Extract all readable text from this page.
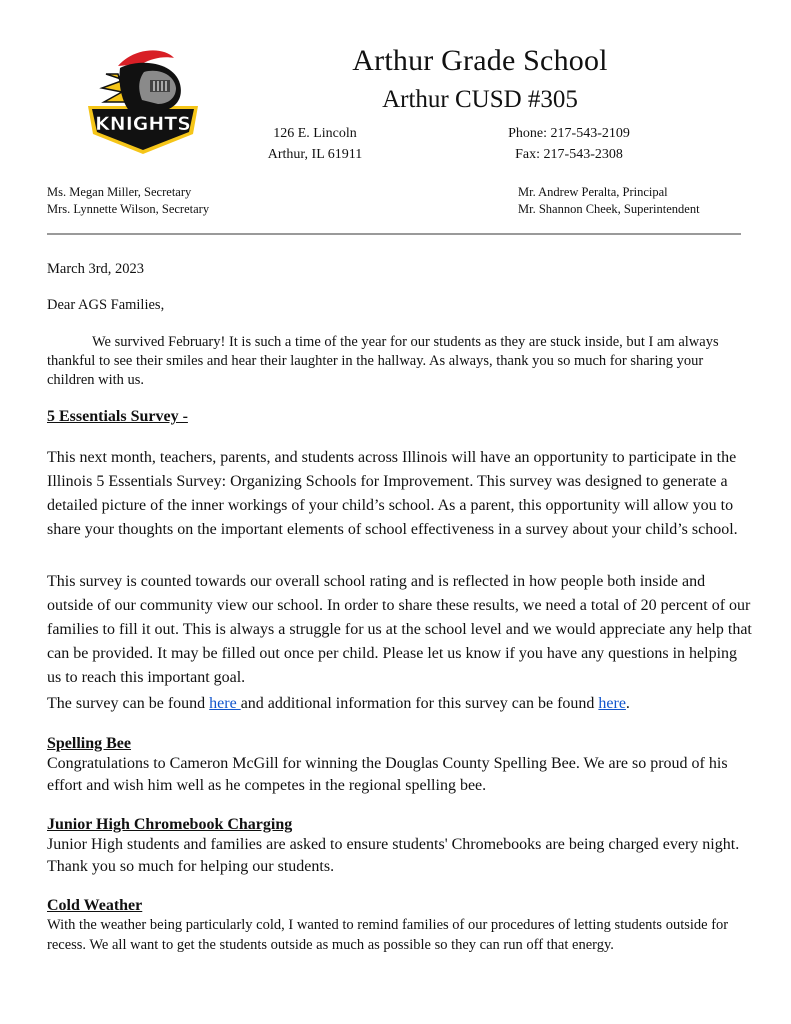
KNIGHTS
Arthur Grade School
Arthur CUSD #305
126 E. Lincoln
Arthur, IL 61911
Phone: 217-543-2109
Fax: 217-543-2308
Ms. Megan Miller, Secretary
Mrs. Lynnette Wilson, Secretary
Mr. Andrew Peralta, Principal
Mr. Shannon Cheek, Superintendent
March 3rd, 2023
Dear AGS Families,

We survived February! It is such a time of the year for our students as they are stuck inside, but I am always thankful to see their smiles and hear their laughter in the hallway. As always, thank you so much for sharing your children with us.

5 Essentials Survey -

This next month, teachers, parents, and students across Illinois will have an opportunity to participate in the Illinois 5 Essentials Survey: Organizing Schools for Improvement. This survey was designed to generate a detailed picture of the inner workings of your child’s school. As a parent, this opportunity will allow you to share your thoughts on the important elements of school effectiveness in a survey about your child’s school.

This survey is counted towards our overall school rating and is reflected in how people both inside and outside of our community view our school. In order to share these results, we need a total of 20 percent of our families to fill it out. This is always a struggle for us at the school level and we would appreciate any help that can be provided. It may be filled out once per child. Please let us know if you have any questions in helping us to reach this important goal.

The survey can be found here and additional information for this survey can be found here.

Spelling Bee

Congratulations to Cameron McGill for winning the Douglas County Spelling Bee. We are so proud of his effort and wish him well as he competes in the regional spelling bee.

Junior High Chromebook Charging

Junior High students and families are asked to ensure students' Chromebooks are being charged every night. Thank you so much for helping our students.

Cold Weather

With the weather being particularly cold, I wanted to remind families of our procedures of letting students outside for recess. We all want to get the students outside as much as possible so they can run off that energy.
